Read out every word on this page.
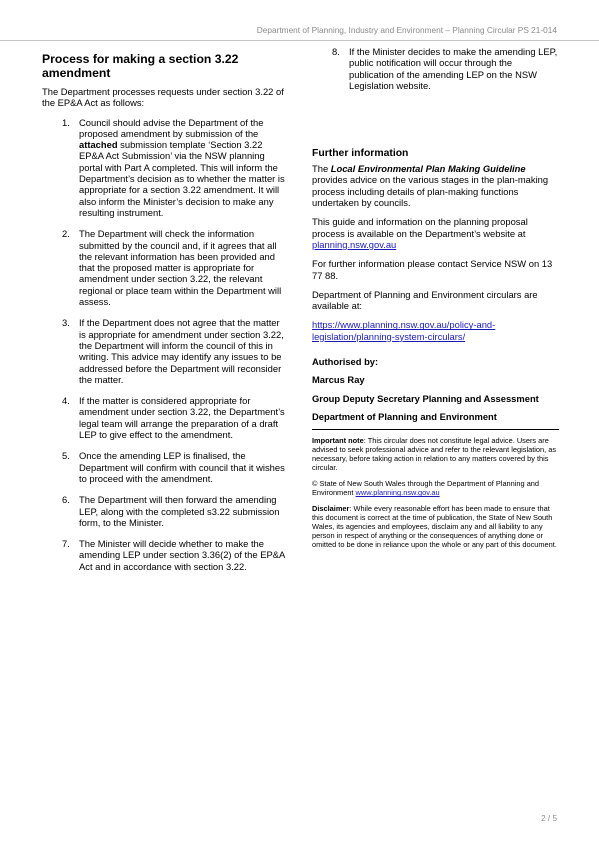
Department of Planning, Industry and Environment – Planning Circular PS 21-014
Process for making a section 3.22 amendment

The Department processes requests under section 3.22 of the EP&A Act as follows:

1. Council should advise the Department of the proposed amendment by submission of the attached submission template ‘Section 3.22 EP&A Act Submission’ via the NSW planning portal with Part A completed. This will inform the Department’s decision as to whether the matter is appropriate for a section 3.22 amendment. It will also inform the Minister’s decision to make any resulting instrument.
2. The Department will check the information submitted by the council and, if it agrees that all the relevant information has been provided and that the proposed matter is appropriate for amendment under section 3.22, the relevant regional or place team within the Department will assess.
3. If the Department does not agree that the matter is appropriate for amendment under section 3.22, the Department will inform the council of this in writing. This advice may identify any issues to be addressed before the Department will reconsider the matter.
4. If the matter is considered appropriate for amendment under section 3.22, the Department’s legal team will arrange the preparation of a draft LEP to give effect to the amendment.
5. Once the amending LEP is finalised, the Department will confirm with council that it wishes to proceed with the amendment.
6. The Department will then forward the amending LEP, along with the completed s3.22 submission form, to the Minister.
7. The Minister will decide whether to make the amending LEP under section 3.36(2) of the EP&A Act and in accordance with section 3.22.
8. If the Minister decides to make the amending LEP, public notification will occur through the publication of the amending LEP on the NSW Legislation website.
Further information

The Local Environmental Plan Making Guideline provides advice on the various stages in the plan-making process including details of plan-making functions undertaken by councils.

This guide and information on the planning proposal process is available on the Department’s website at planning.nsw.gov.au

For further information please contact Service NSW on 13 77 88.

Department of Planning and Environment circulars are available at:

https://www.planning.nsw.gov.au/policy-and-legislation/planning-system-circulars/

Authorised by:

Marcus Ray

Group Deputy Secretary Planning and Assessment

Department of Planning and Environment

Important note: This circular does not constitute legal advice. Users are advised to seek professional advice and refer to the relevant legislation, as necessary, before taking action in relation to any matters covered by this circular.

© State of New South Wales through the Department of Planning and Environment www.planning.nsw.gov.au

Disclaimer: While every reasonable effort has been made to ensure that this document is correct at the time of publication, the State of New South Wales, its agencies and employees, disclaim any and all liability to any person in respect of anything or the consequences of anything done or omitted to be done in reliance upon the whole or any part of this document.

2 / 5
